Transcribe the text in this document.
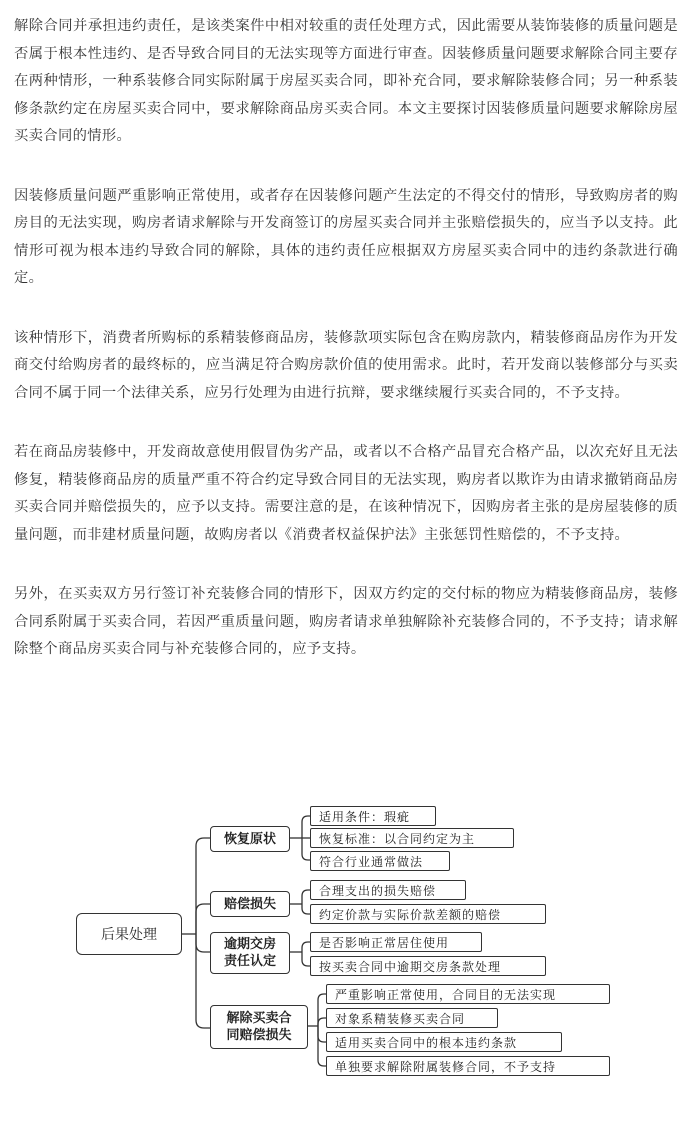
解除合同并承担违约责任，是该类案件中相对较重的责任处理方式，因此需要从装饰装修的质量问题是否属于根本性违约、是否导致合同目的无法实现等方面进行审查。因装修质量问题要求解除合同主要存在两种情形，一种系装修合同实际附属于房屋买卖合同，即补充合同，要求解除装修合同；另一种系装修条款约定在房屋买卖合同中，要求解除商品房买卖合同。本文主要探讨因装修质量问题要求解除房屋买卖合同的情形。

因装修质量问题严重影响正常使用，或者存在因装修问题产生法定的不得交付的情形，导致购房者的购房目的无法实现，购房者请求解除与开发商签订的房屋买卖合同并主张赔偿损失的，应当予以支持。此情形可视为根本违约导致合同的解除，具体的违约责任应根据双方房屋买卖合同中的违约条款进行确定。

该种情形下，消费者所购标的系精装修商品房，装修款项实际包含在购房款内，精装修商品房作为开发商交付给购房者的最终标的，应当满足符合购房款价值的使用需求。此时，若开发商以装修部分与买卖合同不属于同一个法律关系，应另行处理为由进行抗辩，要求继续履行买卖合同的，不予支持。

若在商品房装修中，开发商故意使用假冒伪劣产品，或者以不合格产品冒充合格产品，以次充好且无法修复，精装修商品房的质量严重不符合约定导致合同目的无法实现，购房者以欺诈为由请求撤销商品房买卖合同并赔偿损失的，应予以支持。需要注意的是，在该种情况下，因购房者主张的是房屋装修的质量问题，而非建材质量问题，故购房者以《消费者权益保护法》主张惩罚性赔偿的，不予支持。

另外，在买卖双方另行签订补充装修合同的情形下，因双方约定的交付标的物应为精装修商品房，装修合同系附属于买卖合同，若因严重质量问题，购房者请求单独解除补充装修合同的，不予支持；请求解除整个商品房买卖合同与补充装修合同的，应予支持。

后果处理
恢复原状
赔偿损失
逾期交房
责任认定
解除买卖合
同赔偿损失
适用条件：瑕疵
恢复标准：以合同约定为主
符合行业通常做法
合理支出的损失赔偿
约定价款与实际价款差额的赔偿
是否影响正常居住使用
按买卖合同中逾期交房条款处理
严重影响正常使用，合同目的无法实现
对象系精装修买卖合同
适用买卖合同中的根本违约条款
单独要求解除附属装修合同，不予支持
